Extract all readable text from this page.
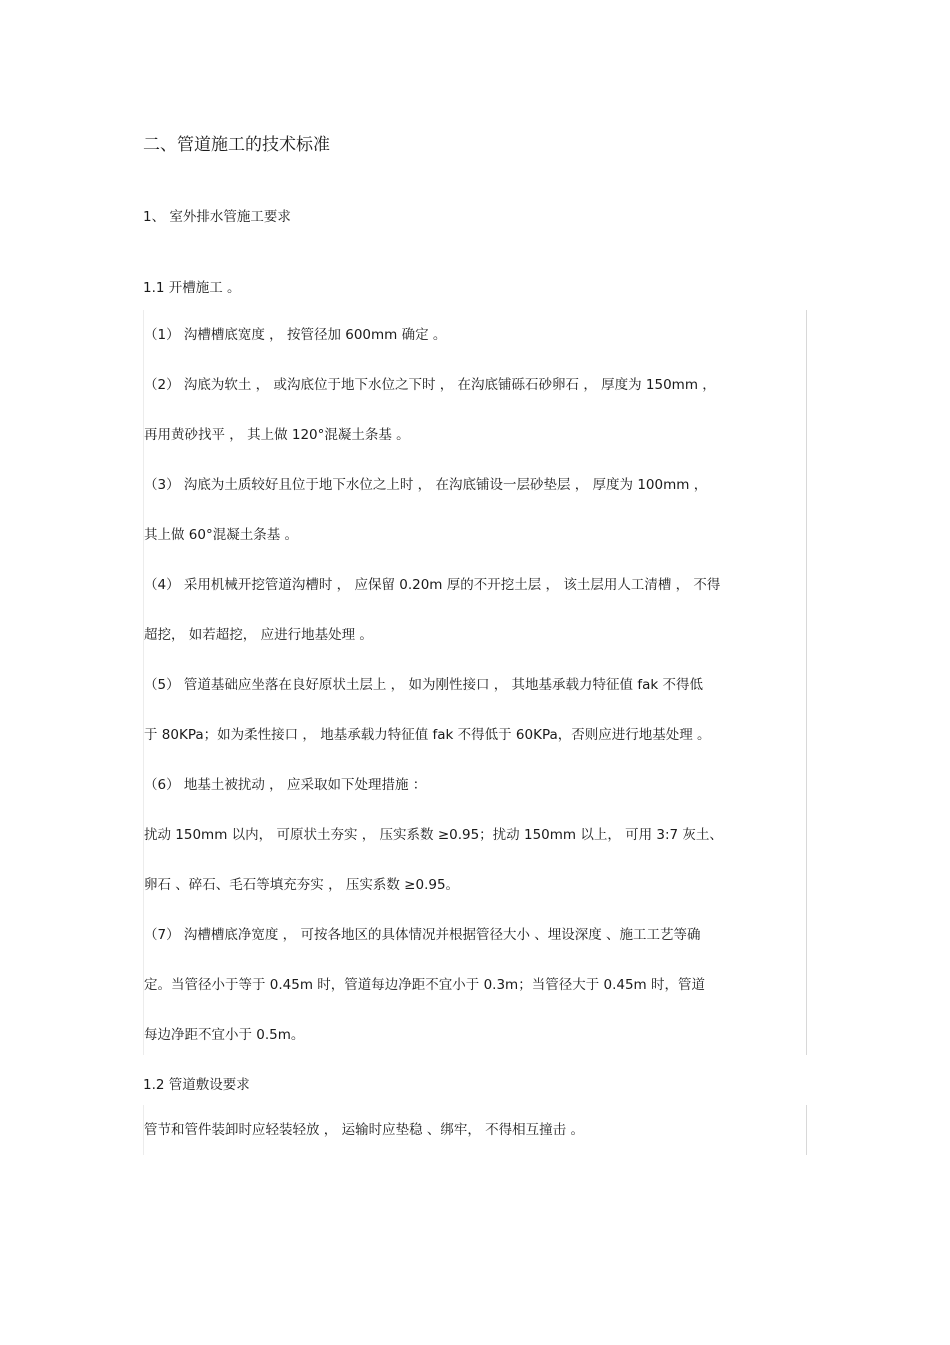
二、管道施工的技术标准
1、 室外排水管施工要求
1.1 开槽施工 。
（1） 沟槽槽底宽度 ， 按管径加 600mm 确定 。
（2） 沟底为软土 ， 或沟底位于地下水位之下时 ， 在沟底铺砾石砂卵石 ， 厚度为 150mm ，
再用黄砂找平 ， 其上做 120°混凝土条基 。
（3） 沟底为土质较好且位于地下水位之上时 ， 在沟底铺设一层砂垫层 ， 厚度为 100mm ，
其上做 60°混凝土条基 。
（4） 采用机械开挖管道沟槽时 ， 应保留 0.20m 厚的不开挖土层 ， 该土层用人工清槽 ， 不得
超挖， 如若超挖， 应进行地基处理 。
（5） 管道基础应坐落在良好原状土层上 ， 如为刚性接口 ， 其地基承载力特征值 fak 不得低
于 80KPa；如为柔性接口 ， 地基承载力特征值 fak 不得低于 60KPa，否则应进行地基处理 。
（6） 地基土被扰动 ， 应采取如下处理措施 ：
扰动 150mm 以内， 可原状土夯实 ， 压实系数 ≥0.95；扰动 150mm 以上， 可用 3:7 灰土、
卵石 、碎石、毛石等填充夯实 ， 压实系数 ≥0.95。
（7） 沟槽槽底净宽度 ， 可按各地区的具体情况并根据管径大小 、埋设深度 、施工工艺等确
定。当管径小于等于 0.45m 时，管道每边净距不宜小于 0.3m；当管径大于 0.45m 时，管道
每边净距不宜小于 0.5m。
1.2 管道敷设要求
管节和管件装卸时应轻装轻放 ， 运输时应垫稳 、绑牢， 不得相互撞击 。
